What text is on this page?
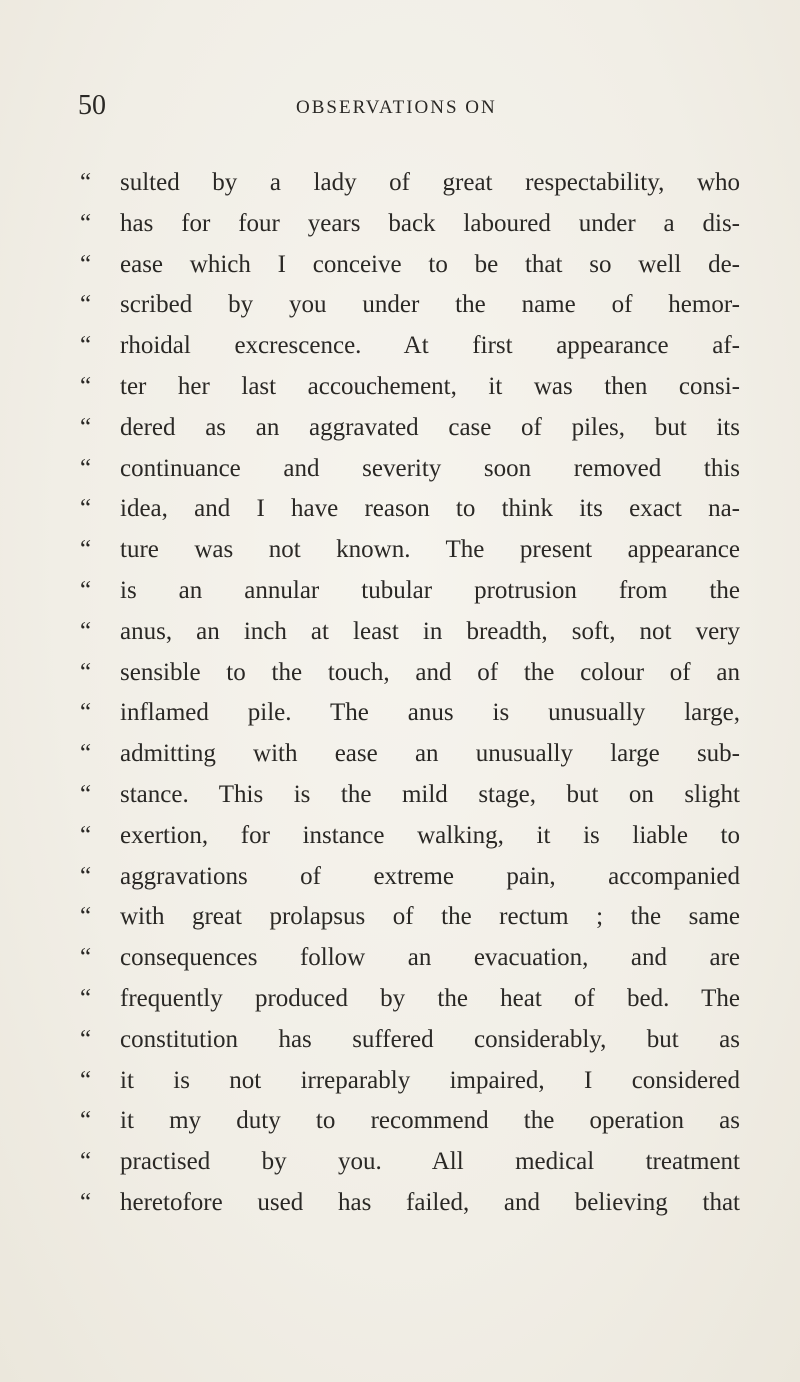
50	OBSERVATIONS ON
“	sulted by a lady of great respectability, who
“	has for four years back laboured under a dis-
“	ease which I conceive to be that so well de-
“	scribed by you under the name of hemor-
“	rhoidal excrescence. At first appearance af-
“	ter her last accouchement, it was then consi-
“	dered as an aggravated case of piles, but its
“	continuance and severity soon removed this
“	idea, and I have reason to think its exact na-
“	ture was not known. The present appearance
“	is an annular tubular protrusion from the
“	anus, an inch at least in breadth, soft, not very
“	sensible to the touch, and of the colour of an
“	inflamed pile. The anus is unusually large,
“	admitting with ease an unusually large sub-
“	stance. This is the mild stage, but on slight
“	exertion, for instance walking, it is liable to
“	aggravations of extreme pain, accompanied
“	with great prolapsus of the rectum ; the same
“	consequences follow an evacuation, and are
“	frequently produced by the heat of bed. The
“	constitution has suffered considerably, but as
“	it is not irreparably impaired, I considered
“	it my duty to recommend the operation as
“	practised by you. All medical treatment
“	heretofore used has failed, and believing that
